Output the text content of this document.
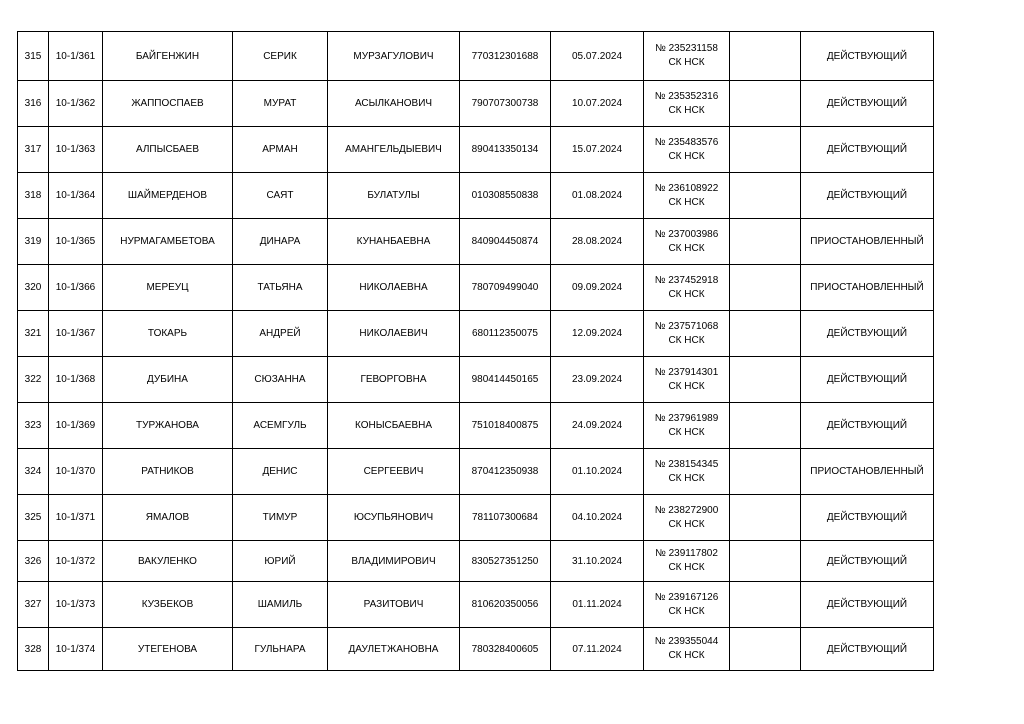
315	10-1/361	БАЙГЕНЖИН	СЕРИК	МУРЗАГУЛОВИЧ	770312301688	05.07.2024	№ 235231158
СК НСК		ДЕЙСТВУЮЩИЙ
316	10-1/362	ЖАППОСПАЕВ	МУРАТ	АСЫЛКАНОВИЧ	790707300738	10.07.2024	№ 235352316
СК НСК		ДЕЙСТВУЮЩИЙ
317	10-1/363	АЛПЫСБАЕВ	АРМАН	АМАНГЕЛЬДЫЕВИЧ	890413350134	15.07.2024	№ 235483576
СК НСК		ДЕЙСТВУЮЩИЙ
318	10-1/364	ШАЙМЕРДЕНОВ	САЯТ	БУЛАТУЛЫ	010308550838	01.08.2024	№ 236108922
СК НСК		ДЕЙСТВУЮЩИЙ
319	10-1/365	НУРМАГАМБЕТОВА	ДИНАРА	КУНАНБАЕВНА	840904450874	28.08.2024	№ 237003986
СК НСК		ПРИОСТАНОВЛЕННЫЙ
320	10-1/366	МЕРЕУЦ	ТАТЬЯНА	НИКОЛАЕВНА	780709499040	09.09.2024	№ 237452918
СК НСК		ПРИОСТАНОВЛЕННЫЙ
321	10-1/367	ТОКАРЬ	АНДРЕЙ	НИКОЛАЕВИЧ	680112350075	12.09.2024	№ 237571068
СК НСК		ДЕЙСТВУЮЩИЙ
322	10-1/368	ДУБИНА	СЮЗАННА	ГЕВОРГОВНА	980414450165	23.09.2024	№ 237914301
СК НСК		ДЕЙСТВУЮЩИЙ
323	10-1/369	ТУРЖАНОВА	АСЕМГУЛЬ	КОНЫСБАЕВНА	751018400875	24.09.2024	№ 237961989
СК НСК		ДЕЙСТВУЮЩИЙ
324	10-1/370	РАТНИКОВ	ДЕНИС	СЕРГЕЕВИЧ	870412350938	01.10.2024	№ 238154345
СК НСК		ПРИОСТАНОВЛЕННЫЙ
325	10-1/371	ЯМАЛОВ	ТИМУР	ЮСУПЬЯНОВИЧ	781107300684	04.10.2024	№ 238272900
СК НСК		ДЕЙСТВУЮЩИЙ
326	10-1/372	ВАКУЛЕНКО	ЮРИЙ	ВЛАДИМИРОВИЧ	830527351250	31.10.2024	№ 239117802
СК НСК		ДЕЙСТВУЮЩИЙ
327	10-1/373	КУЗБЕКОВ	ШАМИЛЬ	РАЗИТОВИЧ	810620350056	01.11.2024	№ 239167126
СК НСК		ДЕЙСТВУЮЩИЙ
328	10-1/374	УТЕГЕНОВА	ГУЛЬНАРА	ДАУЛЕТЖАНОВНА	780328400605	07.11.2024	№ 239355044
СК НСК		ДЕЙСТВУЮЩИЙ
